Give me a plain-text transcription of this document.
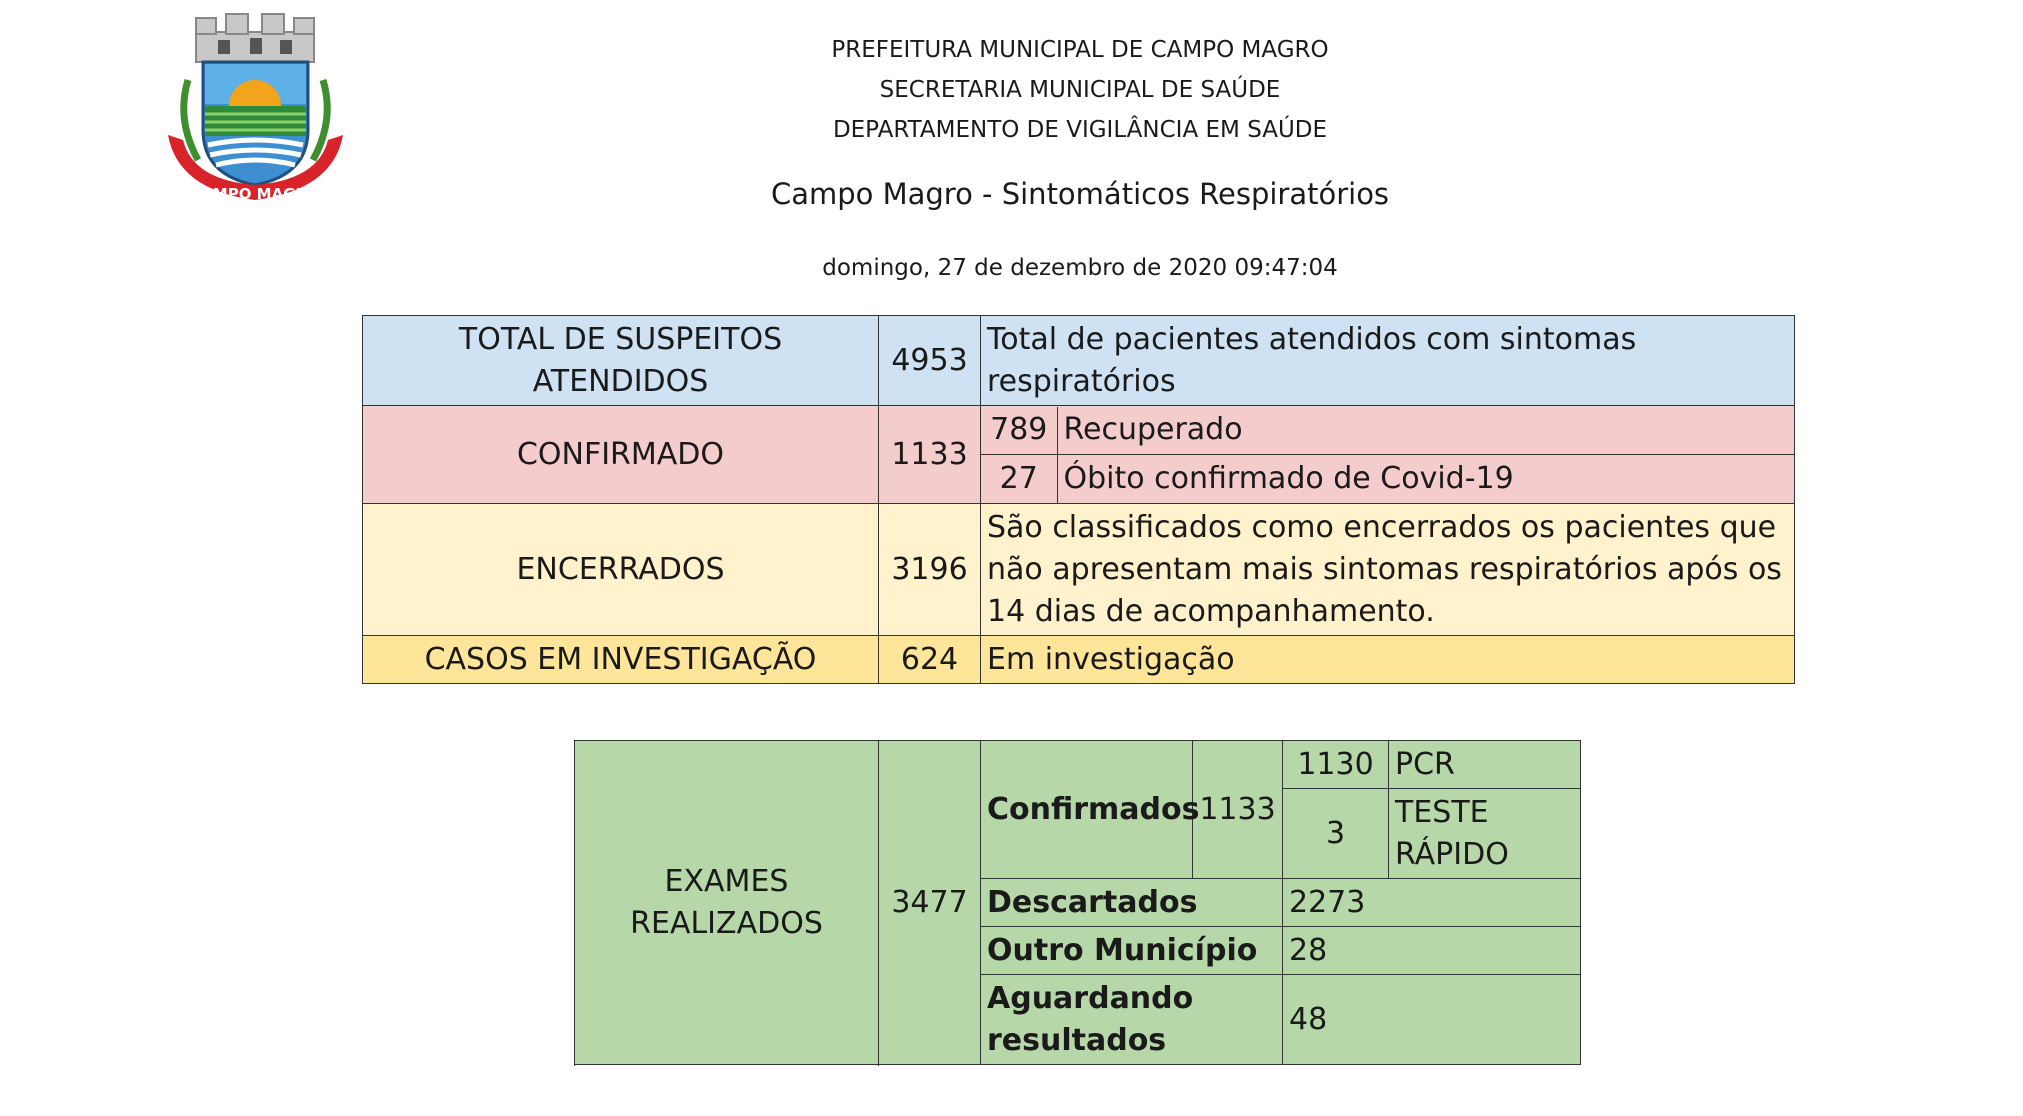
CAMPO MAGRO
PREFEITURA MUNICIPAL DE CAMPO MAGRO
SECRETARIA MUNICIPAL DE SAÚDE
DEPARTAMENTO DE VIGILÂNCIA EM SAÚDE
Campo Magro - Sintomáticos Respiratórios
domingo, 27 de dezembro de 2020 09:47:04
TOTAL DE SUSPEITOS ATENDIDOS	4953	Total de pacientes atendidos com sintomas respiratórios
CONFIRMADO	1133	
789	Recuperado
27	Óbito confirmado de Covid-19

ENCERRADOS	3196	São classificados como encerrados os pacientes que não apresentam mais sintomas respiratórios após os 14 dias de acompanhamento.
CASOS EM INVESTIGAÇÃO	624	Em investigação
EXAMES REALIZADOS	3477	Confirmados	1133	1130	PCR
				3	TESTE RÁPIDO
		Descartados		2273	
		Outro Município		28	
		Aguardando resultados		48	
